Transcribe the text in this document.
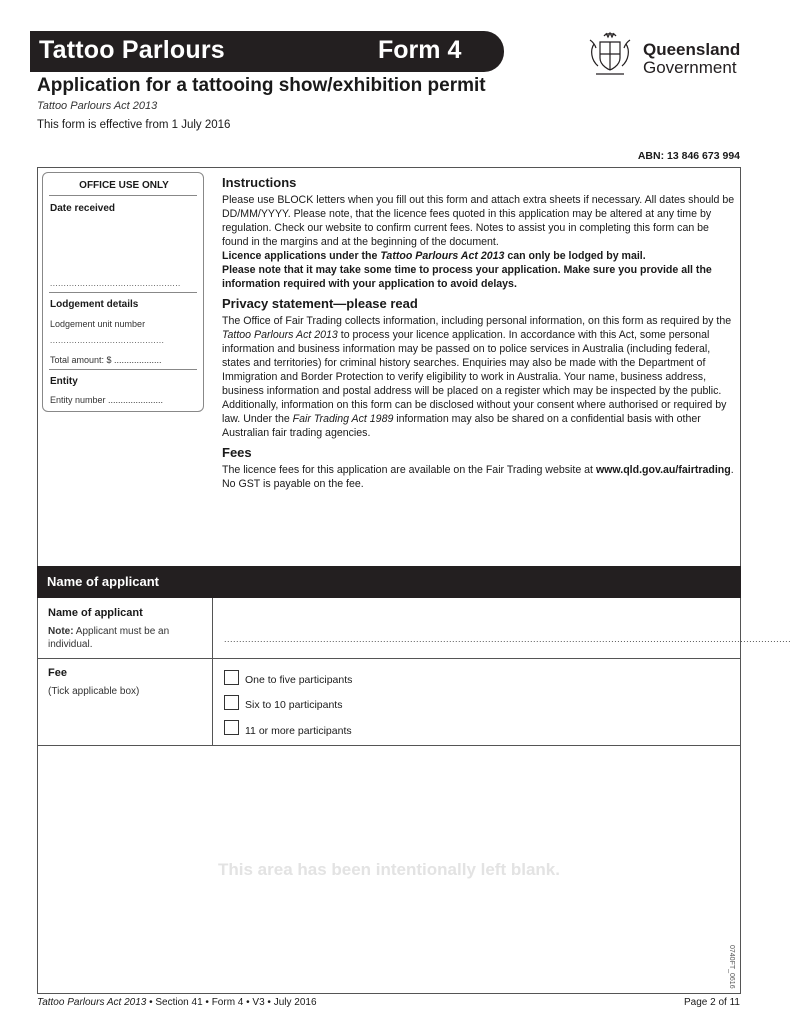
Tattoo Parlours	Form 4	Queensland
Government
Application for a tattooing show/exhibition permit
Tattoo Parlours Act 2013
This form is effective from 1 July 2016
ABN: 13 846 673 994
OFFICE USE ONLY
Date received
................................................
Lodgement details
Lodgement unit number
..........................................
Total amount: $ ...................
Entity
Entity number ......................
Instructions

Please use BLOCK letters when you fill out this form and attach extra sheets if necessary. All dates should be DD/MM/YYYY. Please note, that the licence fees quoted in this application may be altered at any time by regulation. Check our website to confirm current fees. Notes to assist you in completing this form can be found in the margins and at the beginning of the document.

Licence applications under the Tattoo Parlours Act 2013 can only be lodged by mail.

Please note that it may take some time to process your application. Make sure you provide all the information required with your application to avoid delays.

Privacy statement—please read

The Office of Fair Trading collects information, including personal information, on this form as required by the Tattoo Parlours Act 2013 to process your licence application. In accordance with this Act, some personal information and business information may be passed on to police services in Australia (including federal, states and territories) for criminal history searches. Enquiries may also be made with the Department of Immigration and Border Protection to verify eligibility to work in Australia. Your name, business address, business information and postal address will be placed on a register which may be inspected by the public. Additionally, information on this form can be disclosed without your consent where authorised or required by law. Under the Fair Trading Act 1989 information may also be shared on a confidential basis with other Australian fair trading agencies.

Fees

The licence fees for this application are available on the Fair Trading website at www.qld.gov.au/fairtrading. No GST is payable on the fee.

Name of applicant
Name of applicant
Note: Applicant must be an individual.	.............................................................................................................................................................................................
Fee
(Tick applicable box)
One to five participants
Six to 10 participants
11 or more participants
This area has been intentionally left blank.
0740FT_0616
Tattoo Parlours Act 2013 • Section 41 • Form 4 • V3 • July 2016	Page 2 of 11
